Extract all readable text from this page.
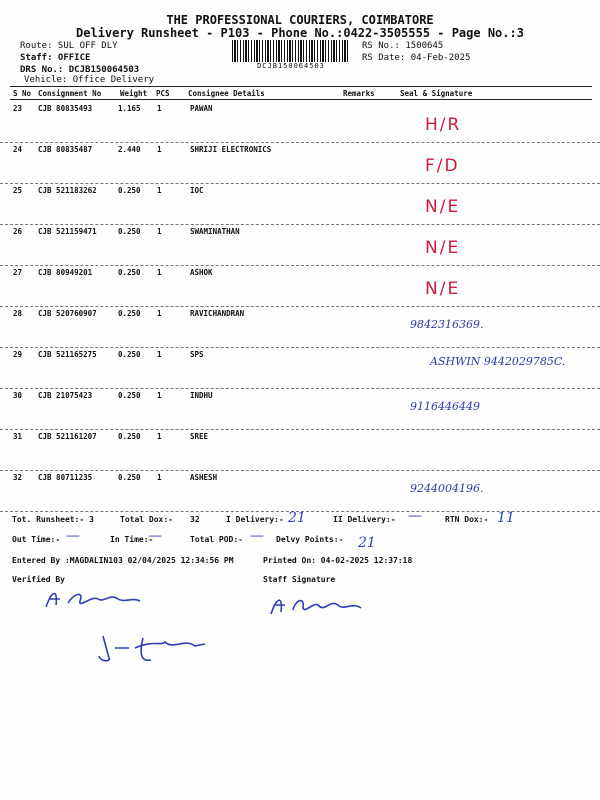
THE PROFESSIONAL COURIERS, COIMBATORE
Delivery Runsheet - P103 - Phone No.:0422-3505555 - Page No.:3
Route: SUL OFF DLY
Staff: OFFICE
DRS No.: DCJB150064503
Vehicle: Office Delivery
DCJB150064503
RS No.: 1500645
RS Date: 04-Feb-2025
S No Consignment No	Weight PCS Consignee Details	Remarks	Seal & Signature
23 CJB 80835493	1.165 1	PAWAN
H/R
24 CJB 80835487	2.440 1	SHRIJI ELECTRONICS
F/D
25 CJB 521183262	0.250 1	IOC
N/E
26 CJB 521159471	0.250 1	SWAMINATHAN
N/E
27 CJB 80949201	0.250 1	ASHOK
N/E
28 CJB 520760907	0.250 1	RAVICHANDRAN
9842316369.
29 CJB 521165275	0.250 1	SPS
ASHWIN 9442029785C.
30 CJB 21075423	0.250 1	INDHU
9116446449
31 CJB 521161207	0.250 1	SREE
32 CJB 80711235	0.250 1	ASHESH
9244004196.
Tot. Runsheet:- 3	Total Dox:- 32	I Delivery:- 21	II Delivery:- —	RTN Dox:- 11
Out Time:- —	In Time:-
—	Total POD:- — Delvy Points:- 21
Entered By :MAGDALIN103 02/04/2025 12:34:56 PM	Printed On: 04-02-2025 12:37:18
Verified By	Staff Signature
